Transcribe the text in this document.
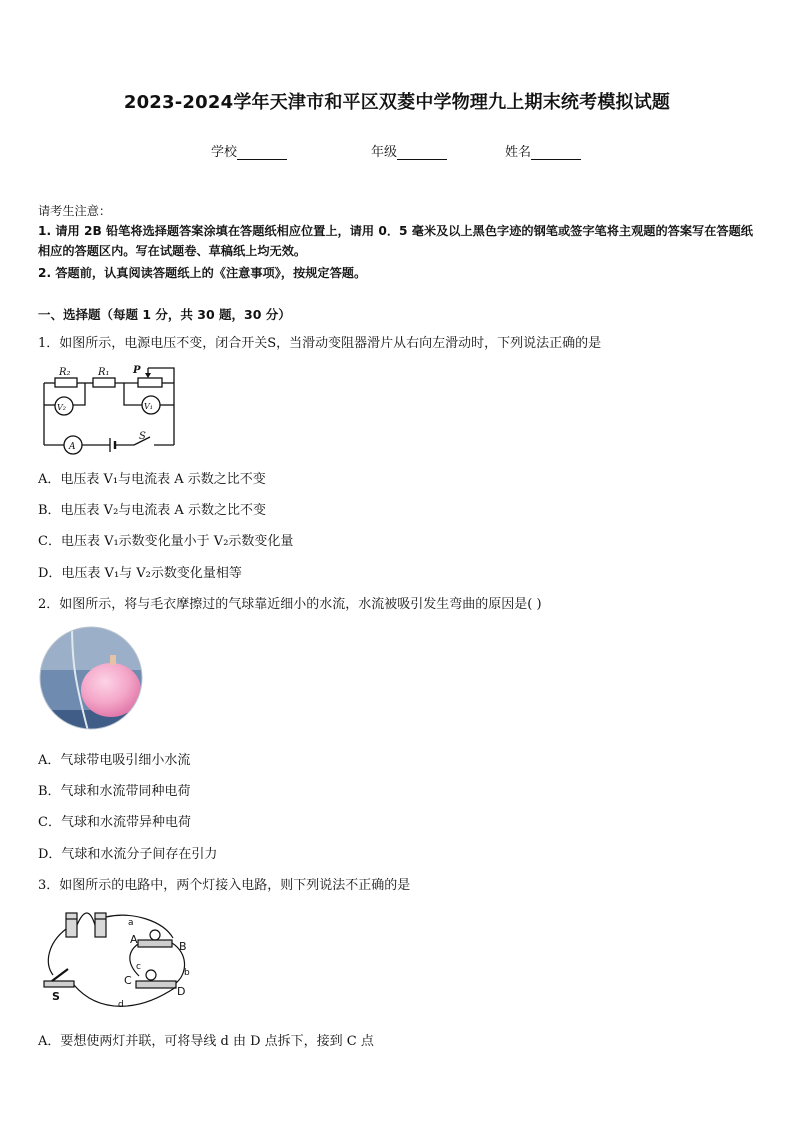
2023-2024学年天津市和平区双菱中学物理九上期末统考模拟试题
学校	年级	姓名
请考生注意：
1. 请用 2B 铅笔将选择题答案涂填在答题纸相应位置上，请用 0．5 毫米及以上黑色字迹的钢笔或签字笔将主观题的答案写在答题纸相应的答题区内。写在试题卷、草稿纸上均无效。
2. 答题前，认真阅读答题纸上的《注意事项》，按规定答题。
一、选择题（每题 1 分，共 30 题，30 分）
1．如图所示，电源电压不变，闭合开关S，当滑动变阻器滑片从右向左滑动时，下列说法正确的是
R₂	R₁ P
V₂	V₁
A
S
A．电压表 V₁与电流表 A 示数之比不变
B．电压表 V₂与电流表 A 示数之比不变
C．电压表 V₁示数变化量小于 V₂示数变化量
D．电压表 V₁与 V₂示数变化量相等
2．如图所示，将与毛衣摩擦过的气球靠近细小的水流，水流被吸引发生弯曲的原因是( )
A．气球带电吸引细小水流
B．气球和水流带同种电荷
C．气球和水流带异种电荷
D．气球和水流分子间存在引力
3．如图所示的电路中，两个灯接入电路，则下列说法不正确的是
a
A
B
b
c
C
D
d
S
A．要想使两灯并联，可将导线 d 由 D 点拆下，接到 C 点
